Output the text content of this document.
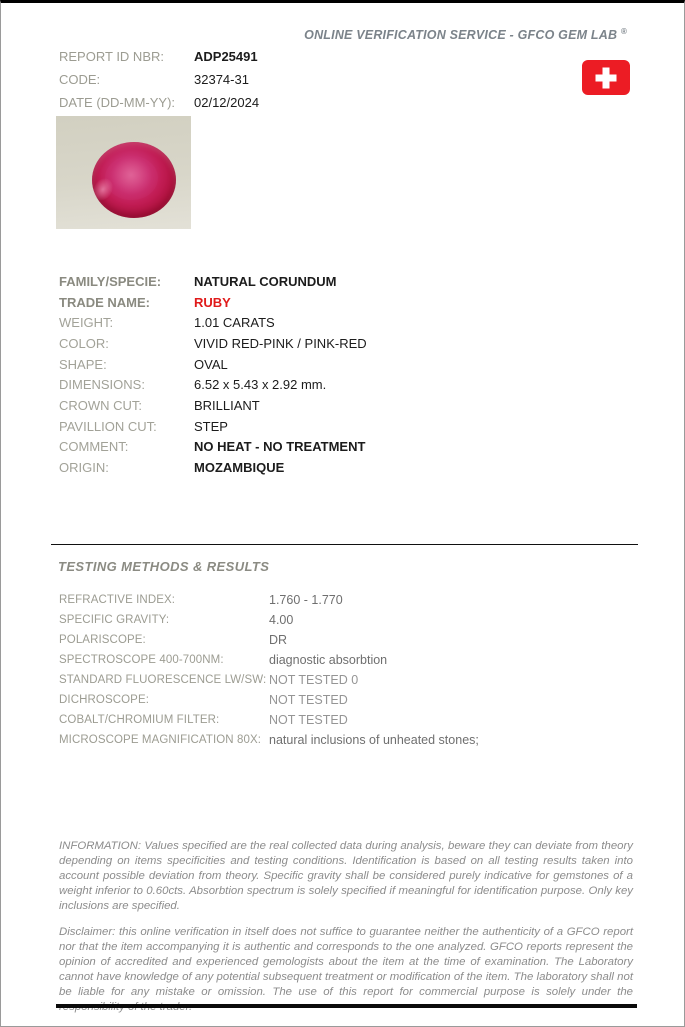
ONLINE VERIFICATION SERVICE - GFCO GEM LAB ®
REPORT ID NBR:	ADP25491
CODE:	32374-31
DATE (DD-MM-YY):	02/12/2024
FAMILY/SPECIE:	NATURAL CORUNDUM
TRADE NAME:	RUBY
WEIGHT:	1.01 CARATS
COLOR:	VIVID RED-PINK / PINK-RED
SHAPE:	OVAL
DIMENSIONS:	6.52 x 5.43 x 2.92 mm.
CROWN CUT:	BRILLIANT
PAVILLION CUT:	STEP
COMMENT:	NO HEAT - NO TREATMENT
ORIGIN:	MOZAMBIQUE
TESTING METHODS & RESULTS
REFRACTIVE INDEX:	1.760 - 1.770
SPECIFIC GRAVITY:	4.00
POLARISCOPE:	DR
SPECTROSCOPE 400-700NM:	diagnostic absorbtion
STANDARD FLUORESCENCE LW/SW: NOT TESTED 0
DICHROSCOPE:	NOT TESTED
COBALT/CHROMIUM FILTER:	NOT TESTED
MICROSCOPE MAGNIFICATION 80X: natural inclusions of unheated stones;

INFORMATION: Values specified are the real collected data during analysis, beware they can deviate from theory depending on items specificities and testing conditions. Identification is based on all testing results taken into account possible deviation from theory. Specific gravity shall be considered purely indicative for gemstones of a weight inferior to 0.60cts. Absorbtion spectrum is solely specified if meaningful for identification purpose. Only key inclusions are specified.

Disclaimer: this online verification in itself does not suffice to guarantee neither the authenticity of a GFCO report nor that the item accompanying it is authentic and corresponds to the one analyzed. GFCO reports represent the opinion of accredited and experienced gemologists about the item at the time of examination. The Laboratory cannot have knowledge of any potential subsequent treatment or modification of the item. The laboratory shall not be liable for any mistake or omission. The use of this report for commercial purpose is solely under the
